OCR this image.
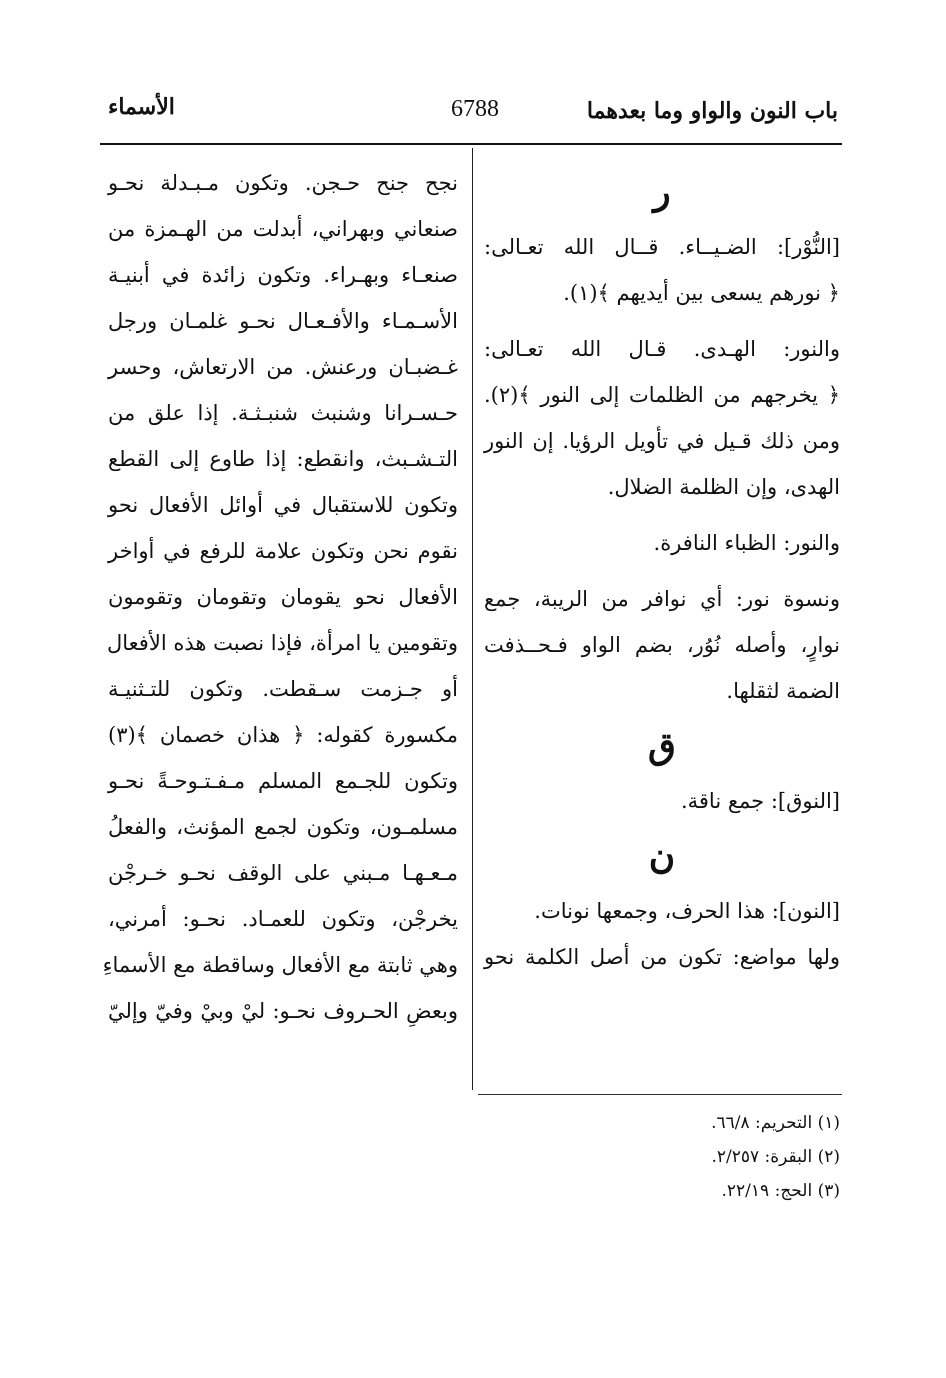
باب النون والواو وما بعدهما
6788
الأسماء
ر
[النُّوْر]: الضـيــاء. قــال الله تعـالى:
﴿ نورهم يسعى بين أيديهم ﴾(١).
والنور: الهـدى. قـال الله تعـالى:
﴿ يخرجهم من الظلمات إلى النور ﴾(٢).
ومن ذلك قـيل في تأويل الرؤيا. إن النور
الهدى، وإن الظلمة الضلال.
والنور: الظباء النافرة.
ونسوة نور: أي نوافر من الريبة، جمع
نوارٍ، وأصله نُوُر، بضم الواو فـحــذفت
الضمة لثقلها.
ق
[النوق]: جمع ناقة.
ن
[النون]: هذا الحرف، وجمعها نونات.
ولها مواضع: تكون من أصل الكلمة نحو
نجح جنح حـجن. وتكون مـبـدلة نحـو
صنعاني وبهراني، أبدلت من الهـمزة من
صنعـاء وبهـراء. وتكون زائدة في أبنيـة
الأسـمـاء والأفـعـال نحـو غلمـان ورجل
غـضبـان ورعنش. من الارتعاش، وحسر
حـسـرانا وشنبث شنبـثـة. إذا علق من
التـشـبث، وانقطع: إذا طاوع إلى القطع
وتكون للاستقبال في أوائل الأفعال نحو
نقوم نحن وتكون علامة للرفع في أواخر
الأفعال نحو يقومان وتقومان وتقومون
وتقومين يا امرأة، فإذا نصبت هذه الأفعال
أو جـزمت سـقطت. وتكون للتـثنيـة
مكسورة كقوله: ﴿ هذان خصمان ﴾(٣)
وتكون للجـمع المسلم مـفـتـوحـةً نحـو
مسلمـون، وتكون لجمع المؤنث، والفعلُ
مـعـهـا مـبني على الوقف نحـو خـرجْن
يخرجْن، وتكون للعمـاد. نحـو: أمرني،
وهي ثابتة مع الأفعال وساقطة مع الأسماءِ
وبعضِ الحـروف نحـو: ليْ وبيْ وفيّ وإليّ
(١) التحريم: ٦٦/٨.
(٢) البقرة: ٢/٢٥٧.
(٣) الحج: ٢٢/١٩.
